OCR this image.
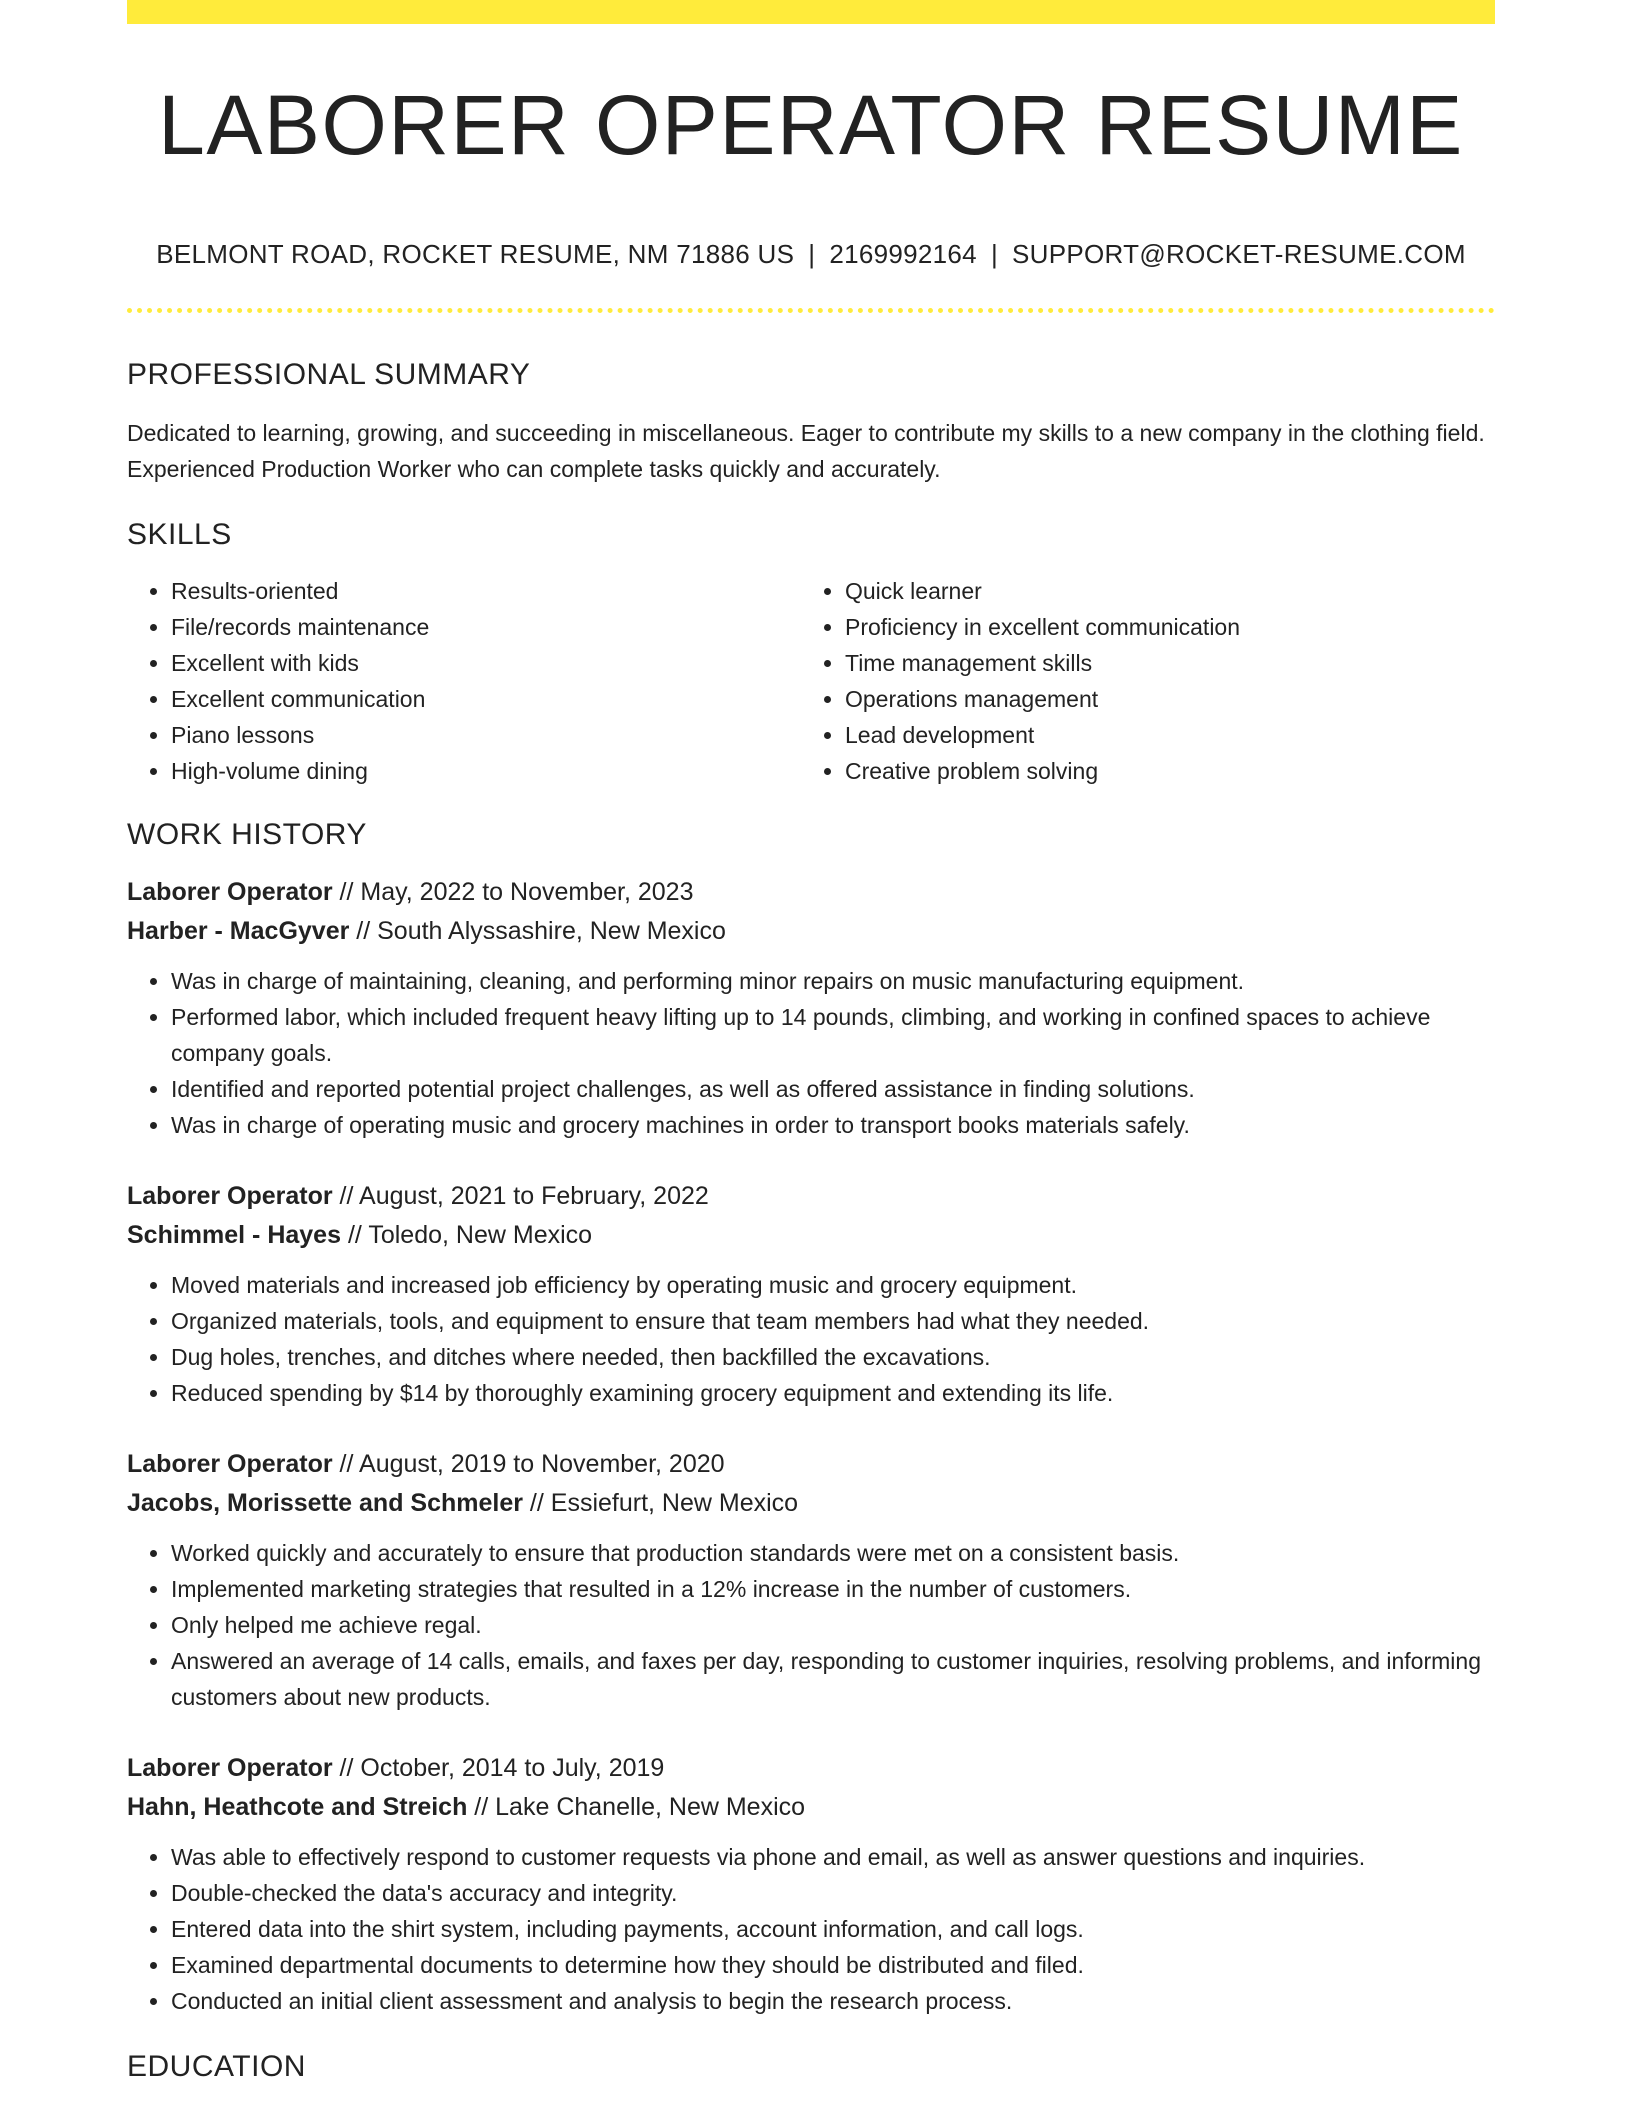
LABORER OPERATOR RESUME
BELMONT ROAD, ROCKET RESUME, NM 71886 US | 2169992164 | SUPPORT@ROCKET-RESUME.COM
PROFESSIONAL SUMMARY
Dedicated to learning, growing, and succeeding in miscellaneous. Eager to contribute my skills to a new company in the clothing field. Experienced Production Worker who can complete tasks quickly and accurately.
SKILLS
• Results-oriented
• File/records maintenance
• Excellent with kids
• Excellent communication
• Piano lessons
• High-volume dining
• Quick learner
• Proficiency in excellent communication
• Time management skills
• Operations management
• Lead development
• Creative problem solving
WORK HISTORY
Laborer Operator // May, 2022 to November, 2023
Harber - MacGyver // South Alyssashire, New Mexico
• Was in charge of maintaining, cleaning, and performing minor repairs on music manufacturing equipment.
• Performed labor, which included frequent heavy lifting up to 14 pounds, climbing, and working in confined spaces to achieve company goals.
• Identified and reported potential project challenges, as well as offered assistance in finding solutions.
• Was in charge of operating music and grocery machines in order to transport books materials safely.
Laborer Operator // August, 2021 to February, 2022
Schimmel - Hayes // Toledo, New Mexico
• Moved materials and increased job efficiency by operating music and grocery equipment.
• Organized materials, tools, and equipment to ensure that team members had what they needed.
• Dug holes, trenches, and ditches where needed, then backfilled the excavations.
• Reduced spending by $14 by thoroughly examining grocery equipment and extending its life.
Laborer Operator // August, 2019 to November, 2020
Jacobs, Morissette and Schmeler // Essiefurt, New Mexico
• Worked quickly and accurately to ensure that production standards were met on a consistent basis.
• Implemented marketing strategies that resulted in a 12% increase in the number of customers.
• Only helped me achieve regal.
• Answered an average of 14 calls, emails, and faxes per day, responding to customer inquiries, resolving problems, and informing customers about new products.
Laborer Operator // October, 2014 to July, 2019
Hahn, Heathcote and Streich // Lake Chanelle, New Mexico
• Was able to effectively respond to customer requests via phone and email, as well as answer questions and inquiries.
• Double-checked the data's accuracy and integrity.
• Entered data into the shirt system, including payments, account information, and call logs.
• Examined departmental documents to determine how they should be distributed and filed.
• Conducted an initial client assessment and analysis to begin the research process.
EDUCATION
